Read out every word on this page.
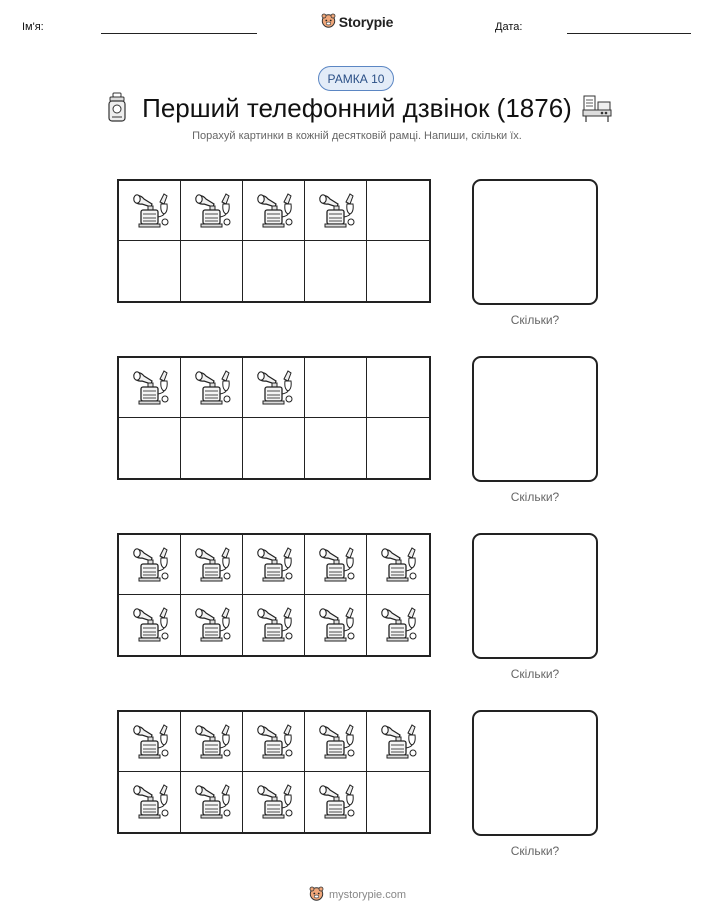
Ім'я:	Storypie	Дата:
РАМКА 10
Перший телефонний дзвінок (1876)
Порахуй картинки в кожній десятковій рамці. Напиши, скільки їх.
Скільки?
Скільки?
Скільки?
Скільки?
mystorypie.com
